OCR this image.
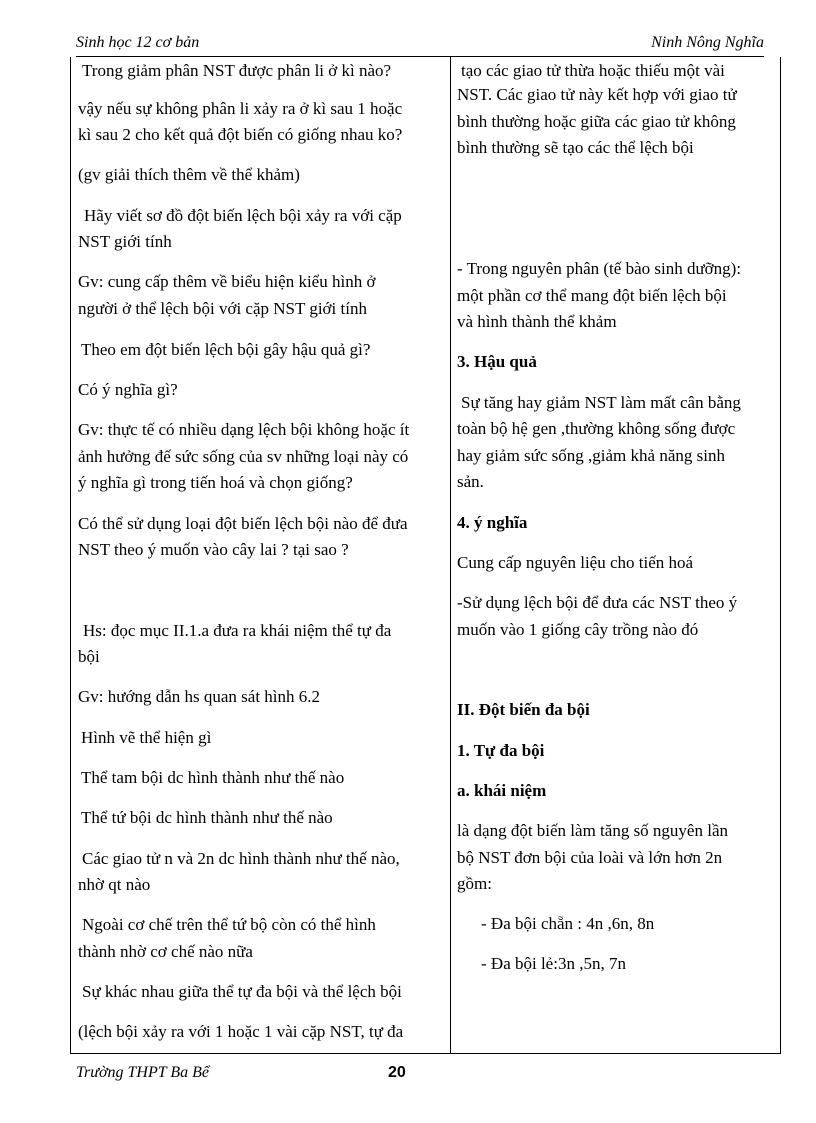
Sinh học 12 cơ bản	Ninh Nông Nghĩa
Trong giảm phân NST được phân li ở kì nào?
vậy nếu sự không phân li xảy ra ở kì sau 1 hoặc
kì sau 2 cho kết quả đột biến có giống nhau ko?
(gv giải thích thêm về thể khảm)
Hãy viết sơ đồ đột biến lệch bội xảy ra với cặp
NST giới tính
Gv: cung cấp thêm về biểu hiện kiểu hình ở
người ở thể lệch bội với cặp NST giới tính
Theo em đột biến lệch bội gây hậu quả gì?
Có ý nghĩa gì?
Gv: thực tế có nhiều dạng lệch bội không hoặc ít
ảnh hưởng đế sức sống của sv những loại này có
ý nghĩa gì trong tiến hoá và chọn giống?
Có thể sử dụng loại đột biến lệch bội nào để đưa
NST theo ý muốn vào cây lai ? tại sao ?
Hs: đọc mục II.1.a đưa ra khái niệm thể tự đa
bội
Gv: hướng dẫn hs quan sát hình 6.2
Hình vẽ thể hiện gì
Thể tam bội dc hình thành như thế nào
Thể tứ bội dc hình thành như thế nào
Các giao tử n và 2n dc hình thành như thế nào,
nhờ qt nào
Ngoài cơ chế trên thể tứ bộ còn có thể hình
thành nhờ cơ chế nào nữa
Sự khác nhau giữa thể tự đa bội và thể lệch bội
(lệch bội xảy ra với 1 hoặc 1 vài cặp NST, tự đa
tạo các giao tử thừa hoặc thiếu một vài
NST. Các giao tử này kết hợp với giao tử
bình thường hoặc giữa các giao tử không
bình thường sẽ tạo các thể lệch bội
- Trong nguyên phân (tế bào sinh dưỡng):
một phần cơ thể mang đột biến lệch bội
3. Hậu quả
và hình thành thể khảm
Sự tăng hay giảm NST làm mất cân bằng
toàn bộ hệ gen ,thường không sống được
hay giảm sức sống ,giảm khả năng sinh
sản.
4. ý nghĩa
Cung cấp nguyên liệu cho tiến hoá
-Sử dụng lệch bội để đưa các NST theo ý
muốn vào 1 giống cây trồng nào đó
II. Đột biến đa bội
1. Tự đa bội
a. khái niệm
là dạng đột biến làm tăng số nguyên lần
bộ NST đơn bội của loài và lớn hơn 2n
gồm:
- Đa bội chẵn : 4n ,6n, 8n
- Đa bội lẻ:3n ,5n, 7n
Trường THPT Ba Bể	20
